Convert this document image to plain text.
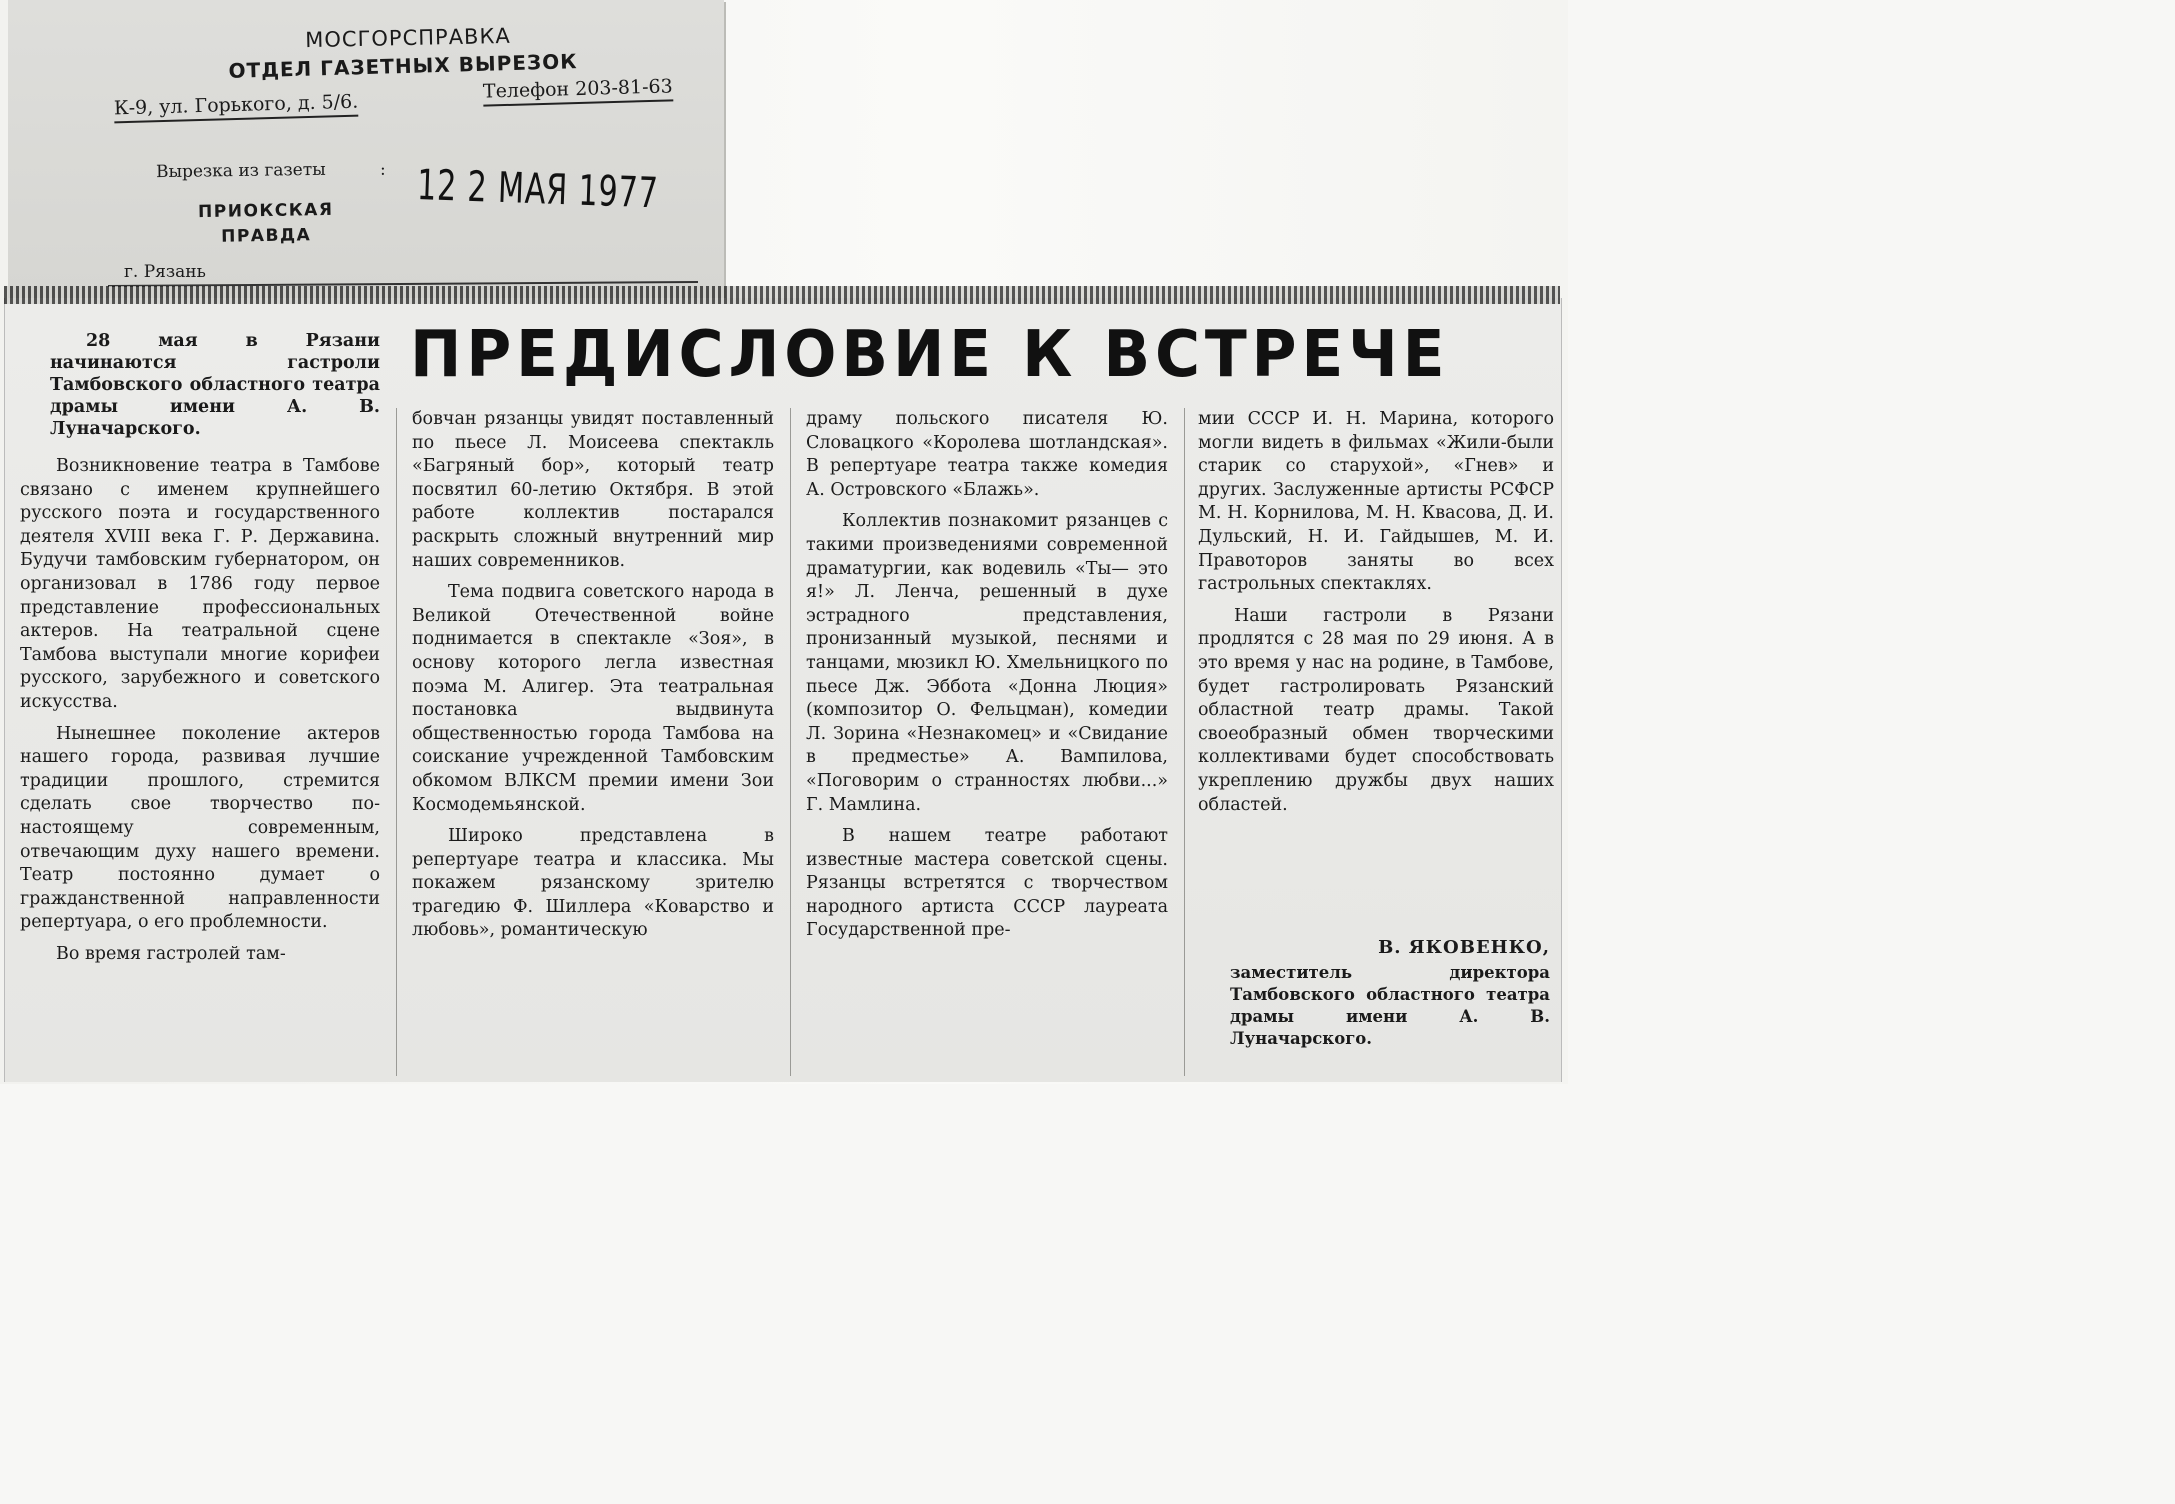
МОСГОРСПРАВКА
ОТДЕЛ ГАЗЕТНЫХ ВЫРЕЗОК
К-9, ул. Горького, д. 5/6.
Телефон 203-81-63
Вырезка из газеты	: 12 2 МАЯ 1977
ПРИОКСКАЯ
ПРАВДА
г. Рязань
ПРЕДИСЛОВИЕ К ВСТРЕЧЕ
28 мая в Рязани начинаются гастроли Тамбовского областного театра драмы имени А. В. Луначарского.

Возникновение театра в Тамбове связано с именем крупнейшего русского поэта и государственного деятеля XVIII века Г. Р. Державина. Будучи тамбовским губернатором, он организовал в 1786 году первое представление профессиональных актеров. На театральной сцене Тамбова выступали многие корифеи русского, зарубежного и советского искусства.

Нынешнее поколение актеров нашего города, развивая лучшие традиции прошлого, стремится сделать свое творчество по-настоящему современным, отвечающим духу нашего времени. Театр постоянно думает о гражданственной направленности репертуара, о его проблемности.

Во время гастролей там-

бовчан рязанцы увидят поставленный по пьесе Л. Моисеева спектакль «Багряный бор», который театр посвятил 60-летию Октября. В этой работе коллектив постарался раскрыть сложный внутренний мир наших современников.

Тема подвига советского народа в Великой Отечественной войне поднимается в спектакле «Зоя», в основу которого легла известная поэма М. Алигер. Эта театральная постановка выдвинута общественностью города Тамбова на соискание учрежденной Тамбовским обкомом ВЛКСМ премии имени Зои Космодемьянской.

Широко представлена в репертуаре театра и классика. Мы покажем рязанскому зрителю трагедию Ф. Шиллера «Коварство и любовь», романтическую

драму польского писателя Ю. Словацкого «Королева шотландская». В репертуаре театра также комедия А. Островского «Блажь».

Коллектив познакомит рязанцев с такими произведениями современной драматургии, как водевиль «Ты— это я!» Л. Ленча, решенный в духе эстрадного представления, пронизанный музыкой, песнями и танцами, мюзикл Ю. Хмельницкого по пьесе Дж. Эббота «Донна Люция» (композитор О. Фельцман), комедии Л. Зорина «Незнакомец» и «Свидание в предместье» А. Вампилова, «Поговорим о странностях любви...» Г. Мамлина.

В нашем театре работают известные мастера советской сцены. Рязанцы встретятся с творчеством народного артиста СССР лауреата Государственной пре-

мии СССР И. Н. Марина, которого могли видеть в фильмах «Жили-были старик со старухой», «Гнев» и других. Заслуженные артисты РСФСР М. Н. Корнилова, М. Н. Квасова, Д. И. Дульский, Н. И. Гайдышев, М. И. Правоторов заняты во всех гастрольных спектаклях.

Наши гастроли в Рязани продлятся с 28 мая по 29 июня. А в это время у нас на родине, в Тамбове, будет гастролировать Рязанский областной театр драмы. Такой своеобразный обмен творческими коллективами будет способствовать укреплению дружбы двух наших областей.

В. ЯКОВЕНКО,
заместитель директора Тамбовского областного театра драмы имени А. В. Луначарского.
